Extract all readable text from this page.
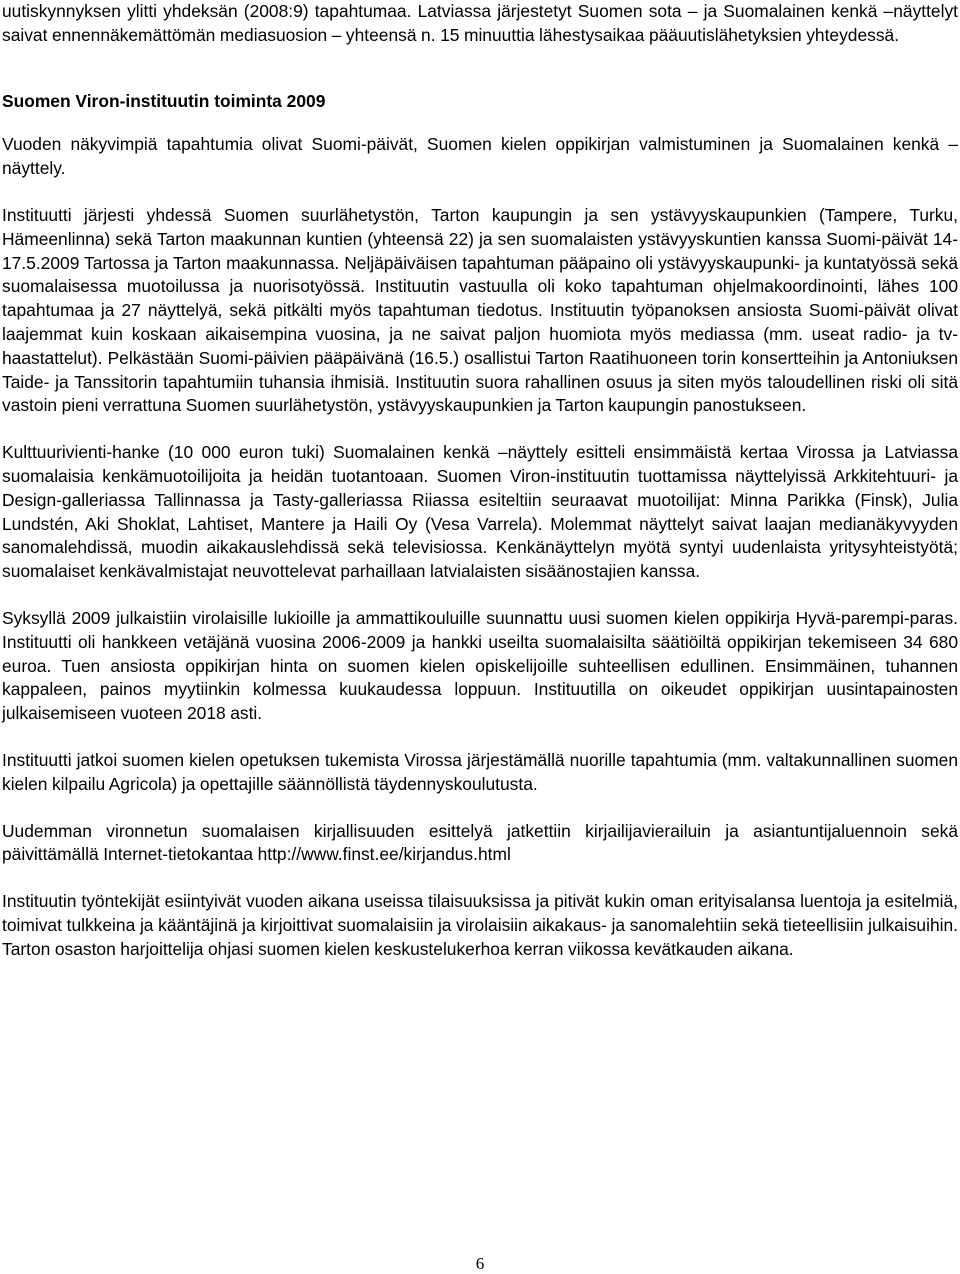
uutiskynnyksen ylitti yhdeksän (2008:9) tapahtumaa. Latviassa järjestetyt Suomen sota – ja Suomalainen kenkä –näyttelyt saivat ennennäkemättömän mediasuosion – yhteensä n. 15 minuuttia lähestysaikaa pääuutislähetyksien yhteydessä.

Suomen Viron-instituutin toiminta 2009

Vuoden näkyvimpiä tapahtumia olivat Suomi-päivät, Suomen kielen oppikirjan valmistuminen ja Suomalainen kenkä –näyttely.

Instituutti järjesti yhdessä Suomen suurlähetystön, Tarton kaupungin ja sen ystävyyskaupunkien (Tampere, Turku, Hämeenlinna) sekä Tarton maakunnan kuntien (yhteensä 22) ja sen suomalaisten ystävyyskuntien kanssa Suomi-päivät 14-17.5.2009 Tartossa ja Tarton maakunnassa. Neljäpäiväisen tapahtuman pääpaino oli ystävyyskaupunki- ja kuntatyössä sekä suomalaisessa muotoilussa ja nuorisotyössä. Instituutin vastuulla oli koko tapahtuman ohjelmakoordinointi, lähes 100 tapahtumaa ja 27 näyttelyä, sekä pitkälti myös tapahtuman tiedotus. Instituutin työpanoksen ansiosta Suomi-päivät olivat laajemmat kuin koskaan aikaisempina vuosina, ja ne saivat paljon huomiota myös mediassa (mm. useat radio- ja tv-haastattelut). Pelkästään Suomi-päivien pääpäivänä (16.5.) osallistui Tarton Raatihuoneen torin konsertteihin ja Antoniuksen Taide- ja Tanssitorin tapahtumiin tuhansia ihmisiä. Instituutin suora rahallinen osuus ja siten myös taloudellinen riski oli sitä vastoin pieni verrattuna Suomen suurlähetystön, ystävyyskaupunkien ja Tarton kaupungin panostukseen.

Kulttuurivienti-hanke (10 000 euron tuki) Suomalainen kenkä –näyttely esitteli ensimmäistä kertaa Virossa ja Latviassa suomalaisia kenkämuotoilijoita ja heidän tuotantoaan. Suomen Viron-instituutin tuottamissa näyttelyissä Arkkitehtuuri- ja Design-galleriassa Tallinnassa ja Tasty-galleriassa Riiassa esiteltiin seuraavat muotoilijat: Minna Parikka (Finsk), Julia Lundstén, Aki Shoklat, Lahtiset, Mantere ja Haili Oy (Vesa Varrela). Molemmat näyttelyt saivat laajan medianäkyvyyden sanomalehdissä, muodin aikakauslehdissä sekä televisiossa. Kenkänäyttelyn myötä syntyi uudenlaista yritysyhteistyötä; suomalaiset kenkävalmistajat neuvottelevat parhaillaan latvialaisten sisäänostajien kanssa.

Syksyllä 2009 julkaistiin virolaisille lukioille ja ammattikouluille suunnattu uusi suomen kielen oppikirja Hyvä-parempi-paras. Instituutti oli hankkeen vetäjänä vuosina 2006-2009 ja hankki useilta suomalaisilta säätiöiltä oppikirjan tekemiseen 34 680 euroa. Tuen ansiosta oppikirjan hinta on suomen kielen opiskelijoille suhteellisen edullinen. Ensimmäinen, tuhannen kappaleen, painos myytiinkin kolmessa kuukaudessa loppuun. Instituutilla on oikeudet oppikirjan uusintapainosten julkaisemiseen vuoteen 2018 asti.

Instituutti jatkoi suomen kielen opetuksen tukemista Virossa järjestämällä nuorille tapahtumia (mm. valtakunnallinen suomen kielen kilpailu Agricola) ja opettajille säännöllistä täydennyskoulutusta.

Uudemman vironnetun suomalaisen kirjallisuuden esittelyä jatkettiin kirjailijavierailuin ja asiantuntijaluennoin sekä päivittämällä Internet-tietokantaa http://www.finst.ee/kirjandus.html

Instituutin työntekijät esiintyivät vuoden aikana useissa tilaisuuksissa ja pitivät kukin oman erityisalansa luentoja ja esitelmiä, toimivat tulkkeina ja kääntäjinä ja kirjoittivat suomalaisiin ja virolaisiin aikakaus- ja sanomalehtiin sekä tieteellisiin julkaisuihin. Tarton osaston harjoittelija ohjasi suomen kielen keskustelukerhoa kerran viikossa kevätkauden aikana.

6
